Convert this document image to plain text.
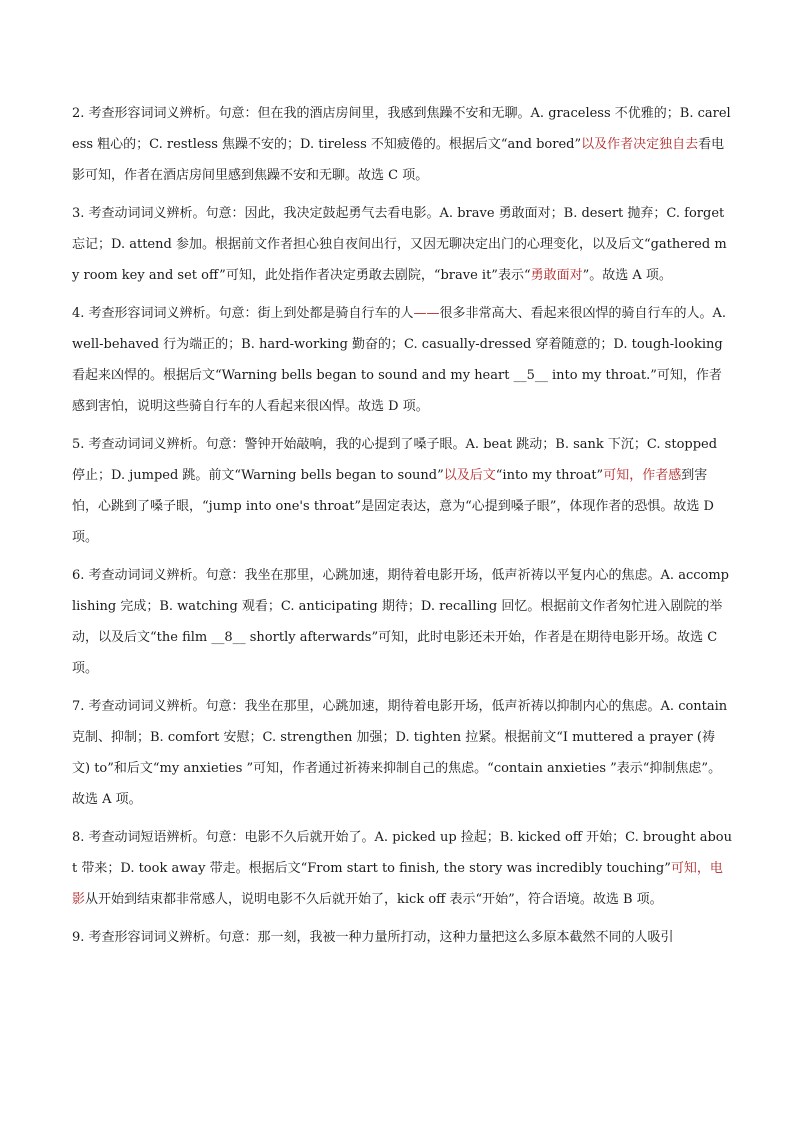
2. 考查形容词词义辨析。句意：但在我的酒店房间里，我感到焦躁不安和无聊。A. graceless 不优雅的；B. careless 粗心的；C. restless 焦躁不安的；D. tireless 不知疲倦的。根据后文“and bored”以及作者决定独自去看电影可知，作者在酒店房间里感到焦躁不安和无聊。故选 C 项。

3. 考查动词词义辨析。句意：因此，我决定鼓起勇气去看电影。A. brave 勇敢面对；B. desert 抛弃；C. forget 忘记；D. attend 参加。根据前文作者担心独自夜间出行，又因无聊决定出门的心理变化，以及后文“gathered my room key and set off”可知，此处指作者决定勇敢去剧院，“brave it”表示“勇敢面对”。故选 A 项。

4. 考查形容词词义辨析。句意：街上到处都是骑自行车的人——很多非常高大、看起来很凶悍的骑自行车的人。A. well-behaved 行为端正的；B. hard-working 勤奋的；C. casually-dressed 穿着随意的；D. tough-looking 看起来凶悍的。根据后文“Warning bells began to sound and my heart __5__ into my throat.”可知，作者感到害怕，说明这些骑自行车的人看起来很凶悍。故选 D 项。

5. 考查动词词义辨析。句意：警钟开始敲响，我的心提到了嗓子眼。A. beat 跳动；B. sank 下沉；C. stopped 停止；D. jumped 跳。前文“Warning bells began to sound”以及后文“into my throat”可知，作者感到害怕，心跳到了嗓子眼，“jump into one's throat”是固定表达，意为“心提到嗓子眼”，体现作者的恐惧。故选 D 项。

6. 考查动词词义辨析。句意：我坐在那里，心跳加速，期待着电影开场，低声祈祷以平复内心的焦虑。A. accomplishing 完成；B. watching 观看；C. anticipating 期待；D. recalling 回忆。根据前文作者匆忙进入剧院的举动，以及后文“the film __8__ shortly afterwards”可知，此时电影还未开始，作者是在期待电影开场。故选 C 项。

7. 考查动词词义辨析。句意：我坐在那里，心跳加速，期待着电影开场，低声祈祷以抑制内心的焦虑。A. contain 克制、抑制；B. comfort 安慰；C. strengthen 加强；D. tighten 拉紧。根据前文“I muttered a prayer (祷文) to”和后文“my anxieties ”可知，作者通过祈祷来抑制自己的焦虑。“contain anxieties ”表示“抑制焦虑”。故选 A 项。

8. 考查动词短语辨析。句意：电影不久后就开始了。A. picked up 捡起；B. kicked off 开始；C. brought about 带来；D. took away 带走。根据后文“From start to finish, the story was incredibly touching”可知，电影从开始到结束都非常感人，说明电影不久后就开始了，kick off 表示“开始”，符合语境。故选 B 项。

9. 考查形容词词义辨析。句意：那一刻，我被一种力量所打动，这种力量把这么多原本截然不同的人吸引
